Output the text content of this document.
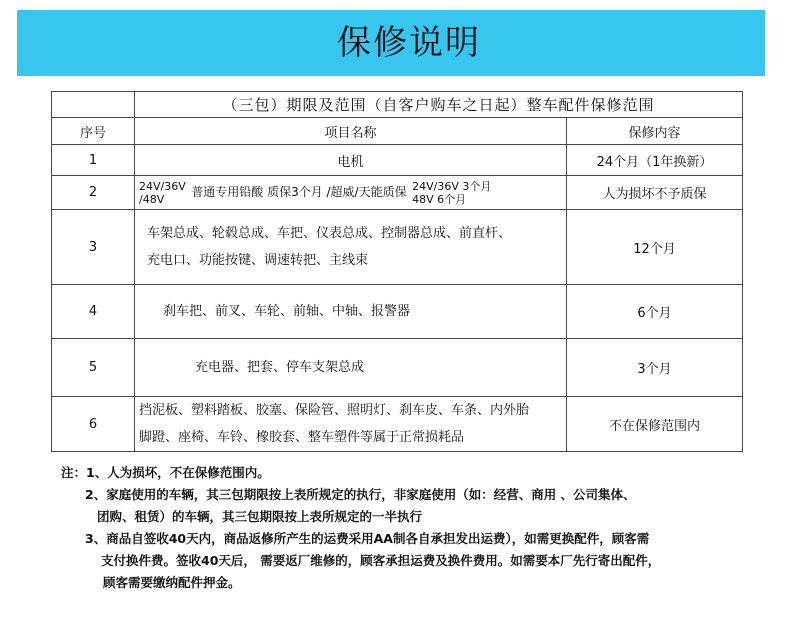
保修说明
	（三包）期限及范围（自客户购车之日起）整车配件保修范围	
序号	项目名称	保修内容
1	电机	24个月（1年换新）
2	24V/36V
/48V 普通专用铅酸 质保3个月 /超威/天能质保 24V/36V 3个月
48V 6个月	人为损坏不予质保
3	车架总成、轮毂总成、车把、仪表总成、控制器总成、前直杆、
充电口、功能按键、调速转把、主线束	12个月
4	刹车把、前叉、车轮、前轴、中轴、报警器	6个月
5	充电器、把套、停车支架总成	3个月
6	挡泥板、塑料踏板、胶塞、保险管、照明灯、刹车皮、车条、内外胎
脚蹬、座椅、车铃、橡胶套、整车塑件等属于正常损耗品	不在保修范围内
注：1、人为损坏，不在保修范围内。
2、家庭使用的车辆，其三包期限按上表所规定的执行，非家庭使用（如：经营、商用 、公司集体、
团购、租赁）的车辆，其三包期限按上表所规定的一半执行
3、商品自签收40天内，商品返修所产生的运费采用AA制各自承担发出运费），如需更换配件，顾客需
支付换件费。签收40天后， 需要返厂维修的，顾客承担运费及换件费用。如需要本厂先行寄出配件，
顾客需要缴纳配件押金。
